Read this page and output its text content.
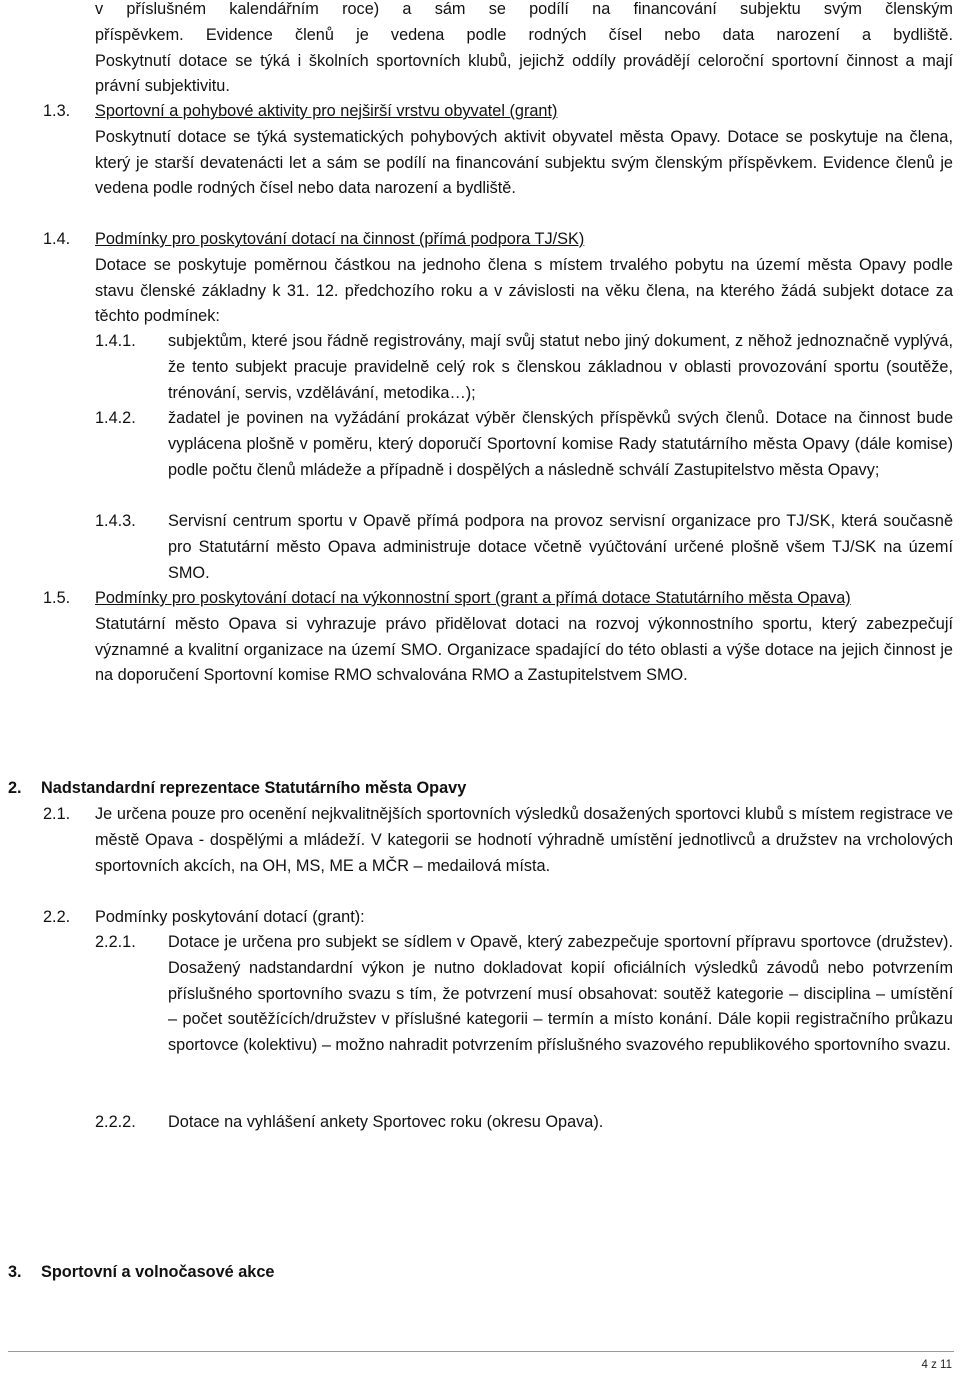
v příslušném kalendářním roce) a sám se podílí na financování subjektu svým členským

příspěvkem. Evidence členů je vedena podle rodných čísel nebo data narození a bydliště.

Poskytnutí dotace se týká i školních sportovních klubů, jejichž oddíly provádějí celoroční sportovní činnost a mají právní subjektivitu.

1.3. Sportovní a pohybové aktivity pro nejširší vrstvu obyvatel (grant)

Poskytnutí dotace se týká systematických pohybových aktivit obyvatel města Opavy. Dotace se poskytuje na člena, který je starší devatenácti let a sám se podílí na financování subjektu svým členským příspěvkem. Evidence členů je vedena podle rodných čísel nebo data narození a bydliště.

1.4. Podmínky pro poskytování dotací na činnost (přímá podpora TJ/SK)

Dotace se poskytuje poměrnou částkou na jednoho člena s místem trvalého pobytu na území města Opavy podle stavu členské základny k 31. 12. předchozího roku a v závislosti na věku člena, na kterého žádá subjekt dotace za těchto podmínek:

1.4.1. subjektům, které jsou řádně registrovány, mají svůj statut nebo jiný dokument, z něhož jednoznačně vyplývá, že tento subjekt pracuje pravidelně celý rok s členskou základnou v oblasti provozování sportu (soutěže, trénování, servis, vzdělávání, metodika…);
1.4.2. žadatel je povinen na vyžádání prokázat výběr členských příspěvků svých členů. Dotace na činnost bude vyplácena plošně v poměru, který doporučí Sportovní komise Rady statutárního města Opavy (dále komise) podle počtu členů mládeže a případně i dospělých a následně schválí Zastupitelstvo města Opavy;
1.4.3. Servisní centrum sportu v Opavě přímá podpora na provoz servisní organizace pro TJ/SK, která současně pro Statutární město Opava administruje dotace včetně vyúčtování určené plošně všem TJ/SK na území SMO.
1.5. Podmínky pro poskytování dotací na výkonnostní sport (grant a přímá dotace Statutárního města Opava)

Statutární město Opava si vyhrazuje právo přidělovat dotaci na rozvoj výkonnostního sportu, který zabezpečují významné a kvalitní organizace na území SMO. Organizace spadající do této oblasti a výše dotace na jejich činnost je na doporučení Sportovní komise RMO schvalována RMO a Zastupitelstvem SMO.

2. Nadstandardní reprezentace Statutárního města Opavy
2.1. Je určena pouze pro ocenění nejkvalitnějších sportovních výsledků dosažených sportovci klubů s místem registrace ve městě Opava - dospělými a mládeží. V kategorii se hodnotí výhradně umístění jednotlivců a družstev na vrcholových sportovních akcích, na OH, MS, ME a MČR – medailová místa.
2.2. Podmínky poskytování dotací (grant):
2.2.1. Dotace je určena pro subjekt se sídlem v Opavě, který zabezpečuje sportovní přípravu sportovce (družstev). Dosažený nadstandardní výkon je nutno dokladovat kopií oficiálních výsledků závodů nebo potvrzením příslušného sportovního svazu s tím, že potvrzení musí obsahovat: soutěž kategorie – disciplina – umístění – počet soutěžících/družstev v příslušné kategorii – termín a místo konání. Dále kopii registračního průkazu sportovce (kolektivu) – možno nahradit potvrzením příslušného svazového republikového sportovního svazu.
2.2.2. Dotace na vyhlášení ankety Sportovec roku (okresu Opava).
3. Sportovní a volnočasové akce
4 z 11
